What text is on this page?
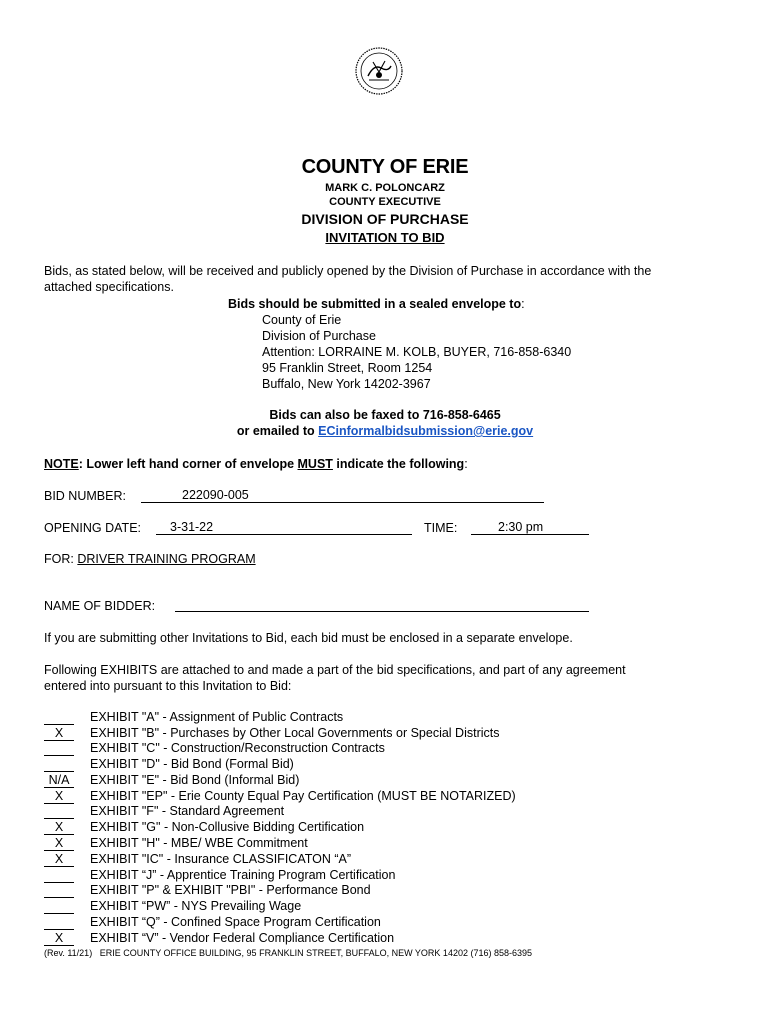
COUNTY OF ERIE
MARK C. POLONCARZ
COUNTY EXECUTIVE
DIVISION OF PURCHASE
INVITATION TO BID
Bids, as stated below, will be received and publicly opened by the Division of Purchase in accordance with the
attached specifications.
Bids should be submitted in a sealed envelope to:
County of Erie
Division of Purchase
Attention: LORRAINE M. KOLB, BUYER, 716-858-6340
95 Franklin Street, Room 1254
Buffalo, New York 14202-3967
Bids can also be faxed to 716-858-6465
or emailed to ECinformalbidsubmission@erie.gov
NOTE: Lower left hand corner of envelope MUST indicate the following:
BID NUMBER:	222090-005
OPENING DATE: 3-31-22	TIME:	2:30 pm
FOR: DRIVER TRAINING PROGRAM
NAME OF BIDDER:
If you are submitting other Invitations to Bid, each bid must be enclosed in a separate envelope.
Following EXHIBITS are attached to and made a part of the bid specifications, and part of any agreement
entered into pursuant to this Invitation to Bid:
EXHIBIT "A" - Assignment of Public Contracts
X	EXHIBIT "B" - Purchases by Other Local Governments or Special Districts
EXHIBIT "C" - Construction/Reconstruction Contracts
EXHIBIT "D" - Bid Bond (Formal Bid)
N/A	EXHIBIT "E" - Bid Bond (Informal Bid)
X	EXHIBIT "EP" - Erie County Equal Pay Certification (MUST BE NOTARIZED)
EXHIBIT "F" - Standard Agreement
X	EXHIBIT "G" - Non-Collusive Bidding Certification
X	EXHIBIT "H" - MBE/ WBE Commitment
X	EXHIBIT "IC" - Insurance CLASSIFICATON “A”
EXHIBIT “J” - Apprentice Training Program Certification
EXHIBIT "P" & EXHIBIT "PBI" - Performance Bond
EXHIBIT “PW” - NYS Prevailing Wage
EXHIBIT “Q” - Confined Space Program Certification
X	EXHIBIT “V” - Vendor Federal Compliance Certification
(Rev. 11/21) ERIE COUNTY OFFICE BUILDING, 95 FRANKLIN STREET, BUFFALO, NEW YORK 14202 (716) 858-6395
